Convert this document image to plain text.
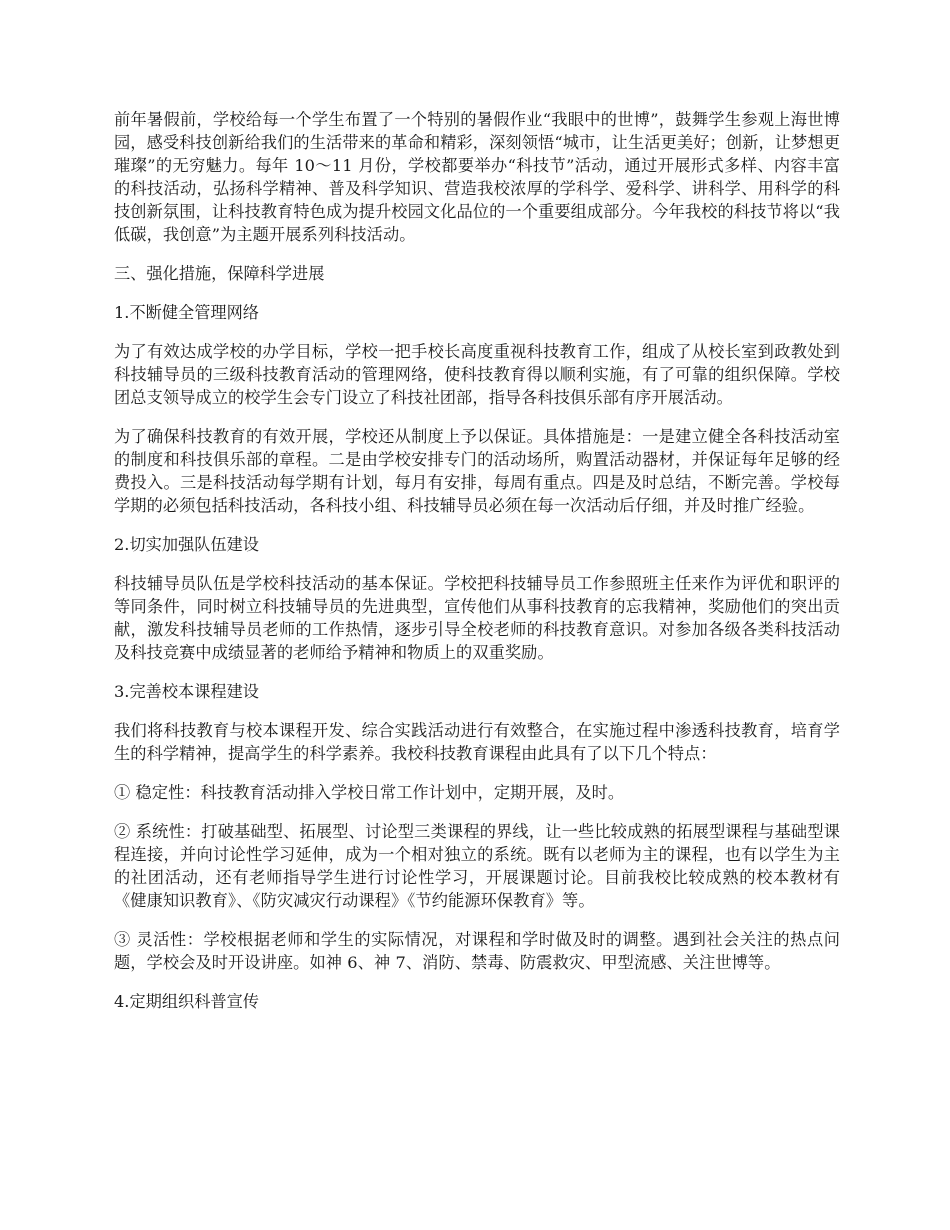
前年暑假前，学校给每一个学生布置了一个特别的暑假作业“我眼中的世博”，鼓舞学生参观上海世博园，感受科技创新给我们的生活带来的革命和精彩，深刻领悟“城市，让生活更美好；创新，让梦想更璀璨”的无穷魅力。每年 10～11 月份，学校都要举办“科技节”活动，通过开展形式多样、内容丰富的科技活动，弘扬科学精神、普及科学知识、营造我校浓厚的学科学、爱科学、讲科学、用科学的科技创新氛围，让科技教育特色成为提升校园文化品位的一个重要组成部分。今年我校的科技节将以“我低碳，我创意”为主题开展系列科技活动。

三、强化措施，保障科学进展

1.不断健全管理网络

为了有效达成学校的办学目标，学校一把手校长高度重视科技教育工作，组成了从校长室到政教处到科技辅导员的三级科技教育活动的管理网络，使科技教育得以顺利实施，有了可靠的组织保障。学校团总支领导成立的校学生会专门设立了科技社团部，指导各科技俱乐部有序开展活动。

为了确保科技教育的有效开展，学校还从制度上予以保证。具体措施是：一是建立健全各科技活动室的制度和科技俱乐部的章程。二是由学校安排专门的活动场所，购置活动器材，并保证每年足够的经费投入。三是科技活动每学期有计划，每月有安排，每周有重点。四是及时总结，不断完善。学校每学期的必须包括科技活动，各科技小组、科技辅导员必须在每一次活动后仔细，并及时推广经验。

2.切实加强队伍建设

科技辅导员队伍是学校科技活动的基本保证。学校把科技辅导员工作参照班主任来作为评优和职评的等同条件，同时树立科技辅导员的先进典型，宣传他们从事科技教育的忘我精神，奖励他们的突出贡献，激发科技辅导员老师的工作热情，逐步引导全校老师的科技教育意识。对参加各级各类科技活动及科技竞赛中成绩显著的老师给予精神和物质上的双重奖励。

3.完善校本课程建设

我们将科技教育与校本课程开发、综合实践活动进行有效整合，在实施过程中渗透科技教育，培育学生的科学精神，提高学生的科学素养。我校科技教育课程由此具有了以下几个特点：

① 稳定性：科技教育活动排入学校日常工作计划中，定期开展，及时。

② 系统性：打破基础型、拓展型、讨论型三类课程的界线，让一些比较成熟的拓展型课程与基础型课程连接，并向讨论性学习延伸，成为一个相对独立的系统。既有以老师为主的课程，也有以学生为主的社团活动，还有老师指导学生进行讨论性学习，开展课题讨论。目前我校比较成熟的校本教材有《健康知识教育》、《防灾减灾行动课程》《节约能源环保教育》等。

③ 灵活性：学校根据老师和学生的实际情况，对课程和学时做及时的调整。遇到社会关注的热点问题，学校会及时开设讲座。如神 6、神 7、消防、禁毒、防震救灾、甲型流感、关注世博等。

4.定期组织科普宣传
